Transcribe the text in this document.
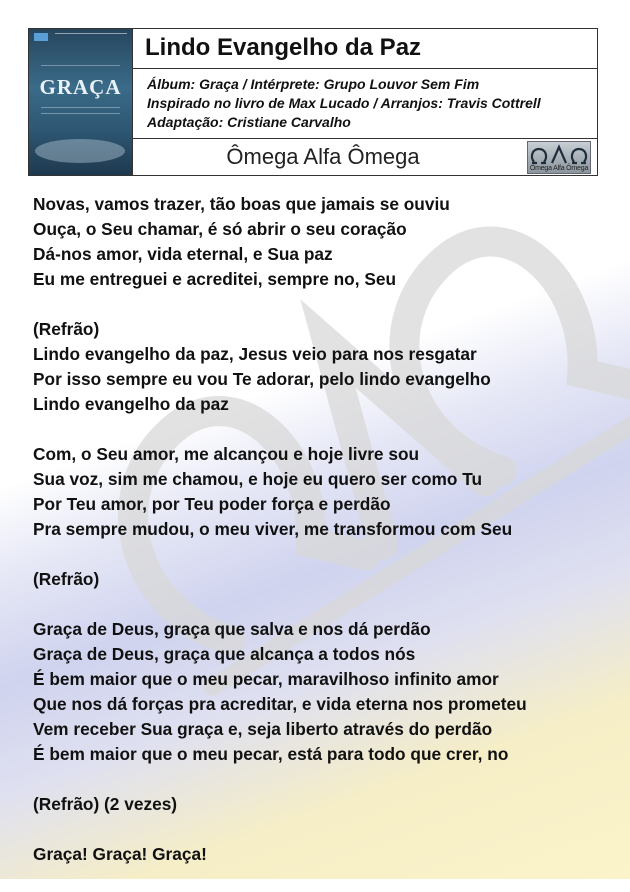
GRAÇA
Lindo Evangelho da Paz
Álbum: Graça / Intérprete: Grupo Louvor Sem Fim
Inspirado no livro de Max Lucado / Arranjos: Travis Cottrell
Adaptação: Cristiane Carvalho
Ômega Alfa Ômega	Ômega Alfa Ômega
Novas, vamos trazer, tão boas que jamais se ouviu
Ouça, o Seu chamar, é só abrir o seu coração
Dá-nos amor, vida eternal, e Sua paz
Eu me entreguei e acreditei, sempre no, Seu
(Refrão)
Lindo evangelho da paz, Jesus veio para nos resgatar
Por isso sempre eu vou Te adorar, pelo lindo evangelho
Lindo evangelho da paz
Com, o Seu amor, me alcançou e hoje livre sou
Sua voz, sim me chamou, e hoje eu quero ser como Tu
Por Teu amor, por Teu poder força e perdão
Pra sempre mudou, o meu viver, me transformou com Seu
(Refrão)
Graça de Deus, graça que salva e nos dá perdão
Graça de Deus, graça que alcança a todos nós
É bem maior que o meu pecar, maravilhoso infinito amor
Que nos dá forças pra acreditar, e vida eterna nos prometeu
Vem receber Sua graça e, seja liberto através do perdão
É bem maior que o meu pecar, está para todo que crer, no
(Refrão) (2 vezes)
Graça! Graça! Graça!
